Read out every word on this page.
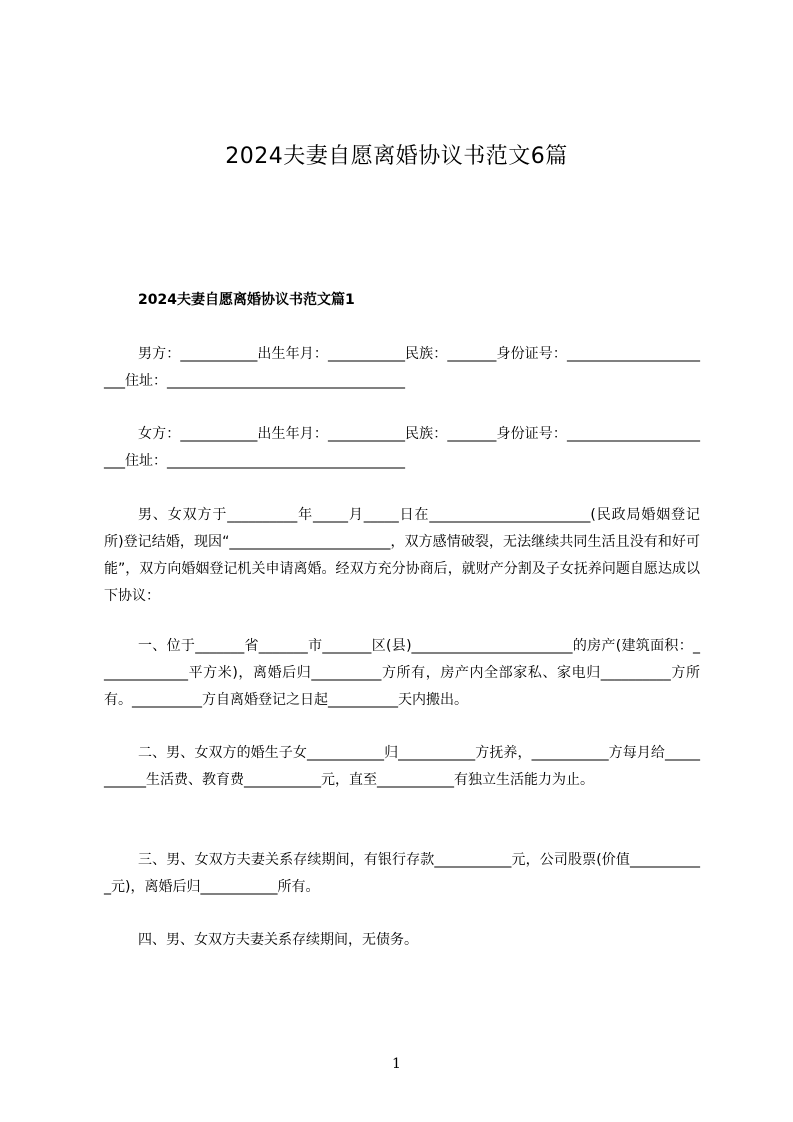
2024夫妻自愿离婚协议书范文6篇
2024夫妻自愿离婚协议书范文篇1
男方：___________出生年月：___________民族：_______身份证号：______________________住址：__________________________________
女方：___________出生年月：___________民族：_______身份证号：______________________住址：__________________________________
男、女双方于__________年_____月_____日在_______________________(民政局婚姻登记所)登记结婚，现因“_______________________，双方感情破裂，无法继续共同生活且没有和好可能”，双方向婚姻登记机关申请离婚。经双方充分协商后，就财产分割及子女抚养问题自愿达成以下协议：
一、位于_______省_______市_______区(县)_______________________的房产(建筑面积：_____________平方米)，离婚后归__________方所有，房产内全部家私、家电归__________方所有。__________方自离婚登记之日起__________天内搬出。
二、男、女双方的婚生子女___________归___________方抚养，___________方每月给___________生活费、教育费___________元，直至___________有独立生活能力为止。
三、男、女双方夫妻关系存续期间，有银行存款___________元，公司股票(价值___________元)，离婚后归___________所有。
四、男、女双方夫妻关系存续期间，无债务。
1
